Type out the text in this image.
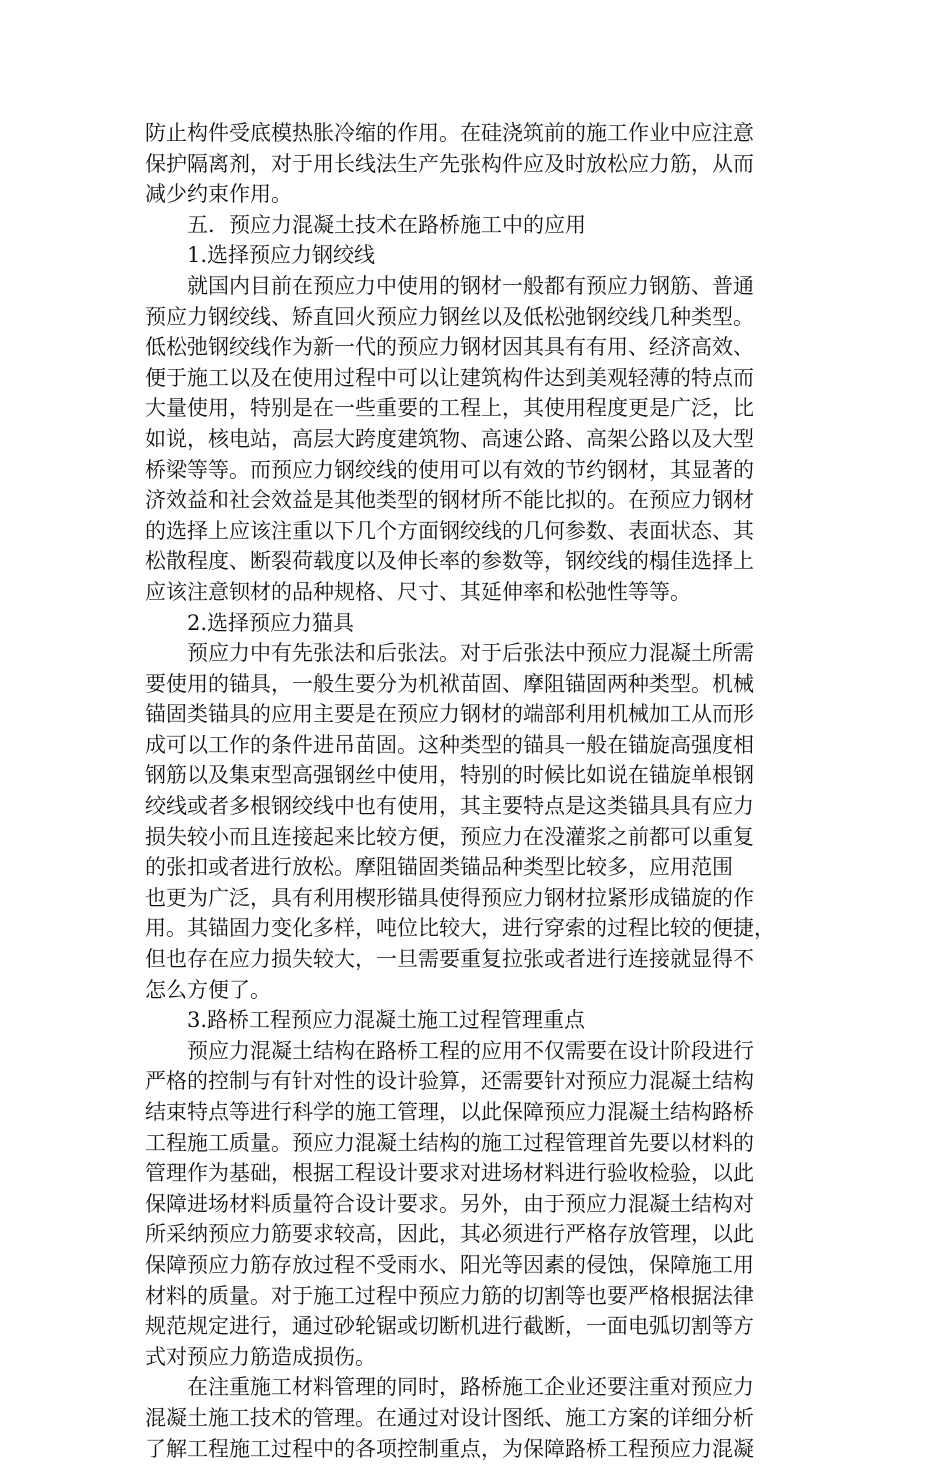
防止构件受底模热胀冷缩的作用。在硅浇筑前的施工作业中应注意
保护隔离剂，对于用长线法生产先张构件应及时放松应力筋，从而
减少约束作用。
五．预应力混凝土技术在路桥施工中的应用
1.选择预应力钢绞线
就国内目前在预应力中使用的钢材一般都有预应力钢筋、普通
预应力钢绞线、矫直回火预应力钢丝以及低松弛钢绞线几种类型。
低松弛钢绞线作为新一代的预应力钢材因其具有有用、经济高效、
便于施工以及在使用过程中可以让建筑构件达到美观轻薄的特点而
大量使用，特别是在一些重要的工程上，其使用程度更是广泛，比
如说，核电站，高层大跨度建筑物、高速公路、高架公路以及大型
桥梁等等。而预应力钢绞线的使用可以有效的节约钢材，其显著的
济效益和社会效益是其他类型的钢材所不能比拟的。在预应力钢材
的选择上应该注重以下几个方面钢绞线的几何参数、表面状态、其
松散程度、断裂荷载度以及伸长率的参数等，钢绞线的榻佳选择上
应该注意钡材的品种规格、尺寸、其延伸率和松弛性等等。
2.选择预应力猫具
预应力中有先张法和后张法。对于后张法中预应力混凝土所需
要使用的锚具，一般生要分为机袱苗固、摩阻锚固两种类型。机械
锚固类锚具的应用主要是在预应力钢材的端部利用机械加工从而形
成可以工作的条件进吊苗固。这种类型的锚具一般在锚旋高强度相
钢筋以及集束型高强钢丝中使用，特别的时候比如说在锚旋单根钢
绞线或者多根钢绞线中也有使用，其主要特点是这类锚具具有应力
损失较小而且连接起来比较方便，预应力在没灌浆之前都可以重复
的张扣或者进行放松。摩阻锚固类锚品种类型比较多，应用范围
也更为广泛，具有利用楔形锚具使得预应力钢材拉紧形成锚旋的作
用。其锚固力变化多样，吨位比较大，进行穿索的过程比较的便捷，
但也存在应力损失较大，一旦需要重复拉张或者进行连接就显得不
怎么方便了。
3.路桥工程预应力混凝土施工过程管理重点
预应力混凝土结构在路桥工程的应用不仅需要在设计阶段进行
严格的控制与有针对性的设计验算，还需要针对预应力混凝土结构
结束特点等进行科学的施工管理，以此保障预应力混凝土结构路桥
工程施工质量。预应力混凝土结构的施工过程管理首先要以材料的
管理作为基础，根据工程设计要求对进场材料进行验收检验，以此
保障进场材料质量符合设计要求。另外，由于预应力混凝土结构对
所采纳预应力筋要求较高，因此，其必须进行严格存放管理，以此
保障预应力筋存放过程不受雨水、阳光等因素的侵蚀，保障施工用
材料的质量。对于施工过程中预应力筋的切割等也要严格根据法律
规范规定进行，通过砂轮锯或切断机进行截断，一面电弧切割等方
式对预应力筋造成损伤。
在注重施工材料管理的同时，路桥施工企业还要注重对预应力
混凝土施工技术的管理。在通过对设计图纸、施工方案的详细分析
了解工程施工过程中的各项控制重点，为保障路桥工程预应力混凝
